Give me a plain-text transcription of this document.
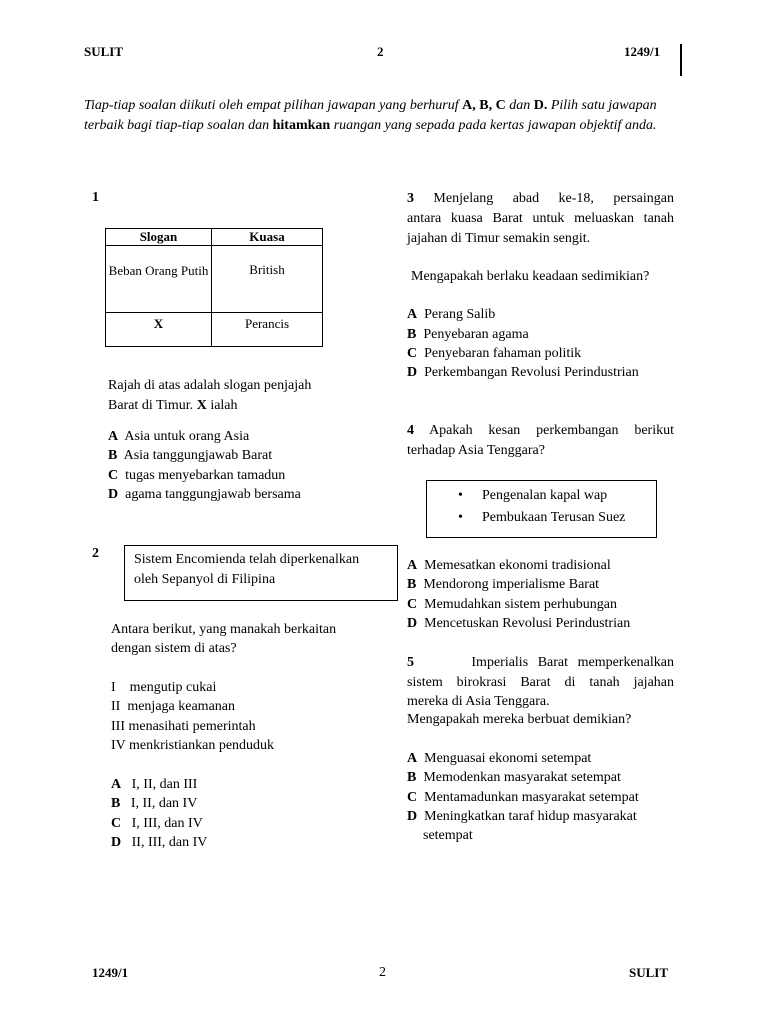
SULIT	2	1249/1
Tiap-tiap soalan diikuti oleh empat pilihan jawapan yang berhuruf A, B, C dan D. Pilih satu jawapan terbaik bagi tiap-tiap soalan dan hitamkan ruangan yang sepada pada kertas jawapan objektif anda.
1
Slogan	Kuasa
Beban Orang Putih	British
X	Perancis
Rajah di atas adalah slogan penjajah
Barat di Timur. X ialah
A Asia untuk orang Asia
B Asia tanggungjawab Barat
C tugas menyebarkan tamadun
D agama tanggungjawab bersama
2	Sistem Encomienda telah diperkenalkan
oleh Sepanyol di Filipina
Antara berikut, yang manakah berkaitan
dengan sistem di atas?
I    mengutip cukai
II  menjaga keamanan
III menasihati pemerintah
IV menkristiankan penduduk
A I, II, dan III
B I, II, dan IV
C I, III, dan IV
D II, III, dan IV
3 Menjelang abad ke-18, persaingan
antara kuasa Barat untuk meluaskan tanah
jajahan di Timur semakin sengit.
Mengapakah berlaku keadaan sedimikian?
A Perang Salib
B Penyebaran agama
C Penyebaran fahaman politik
D Perkembangan Revolusi Perindustrian
4 Apakah kesan perkembangan berikut
terhadap Asia Tenggara?
• Pengenalan kapal wap
• Pembukaan Terusan Suez
A Memesatkan ekonomi tradisional
B Mendorong imperialisme Barat
C Memudahkan sistem perhubungan
D Mencetuskan Revolusi Perindustrian
5	Imperialis Barat memperkenalkan
sistem birokrasi Barat di tanah jajahan
mereka di Asia Tenggara.
Mengapakah mereka berbuat demikian?
A Menguasai ekonomi setempat
B Memodenkan masyarakat setempat
C Mentamadunkan masyarakat setempat
D Meningkatkan taraf hidup masyarakat
setempat
1249/1	2	SULIT
